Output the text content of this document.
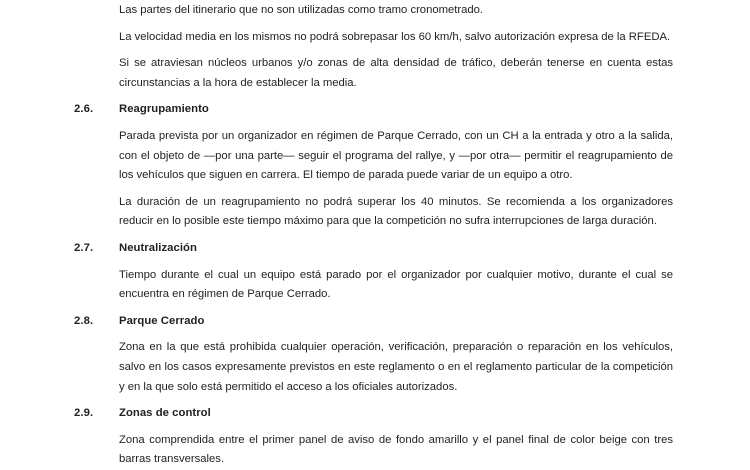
Las partes del itinerario que no son utilizadas como tramo cronometrado.

La velocidad media en los mismos no podrá sobrepasar los 60 km/h, salvo autorización expresa de la RFEDA.

Si se atraviesan núcleos urbanos y/o zonas de alta densidad de tráfico, deberán tenerse en cuenta estas circunstancias a la hora de establecer la media.

2.6.	Reagrupamiento

Parada prevista por un organizador en régimen de Parque Cerrado, con un CH a la entrada y otro a la salida, con el objeto de —por una parte— seguir el programa del rallye, y —por otra— permitir el reagrupamiento de los vehículos que siguen en carrera. El tiempo de parada puede variar de un equipo a otro.

La duración de un reagrupamiento no podrá superar los 40 minutos. Se recomienda a los organizadores reducir en lo posible este tiempo máximo para que la competición no sufra interrupciones de larga duración.

2.7.	Neutralización

Tiempo durante el cual un equipo está parado por el organizador por cualquier motivo, durante el cual se encuentra en régimen de Parque Cerrado.

2.8.	Parque Cerrado

Zona en la que está prohibida cualquier operación, verificación, preparación o reparación en los vehículos, salvo en los casos expresamente previstos en este reglamento o en el reglamento particular de la competición y en la que solo está permitido el acceso a los oficiales autorizados.

2.9.	Zonas de control

Zona comprendida entre el primer panel de aviso de fondo amarillo y el panel final de color beige con tres barras transversales.
